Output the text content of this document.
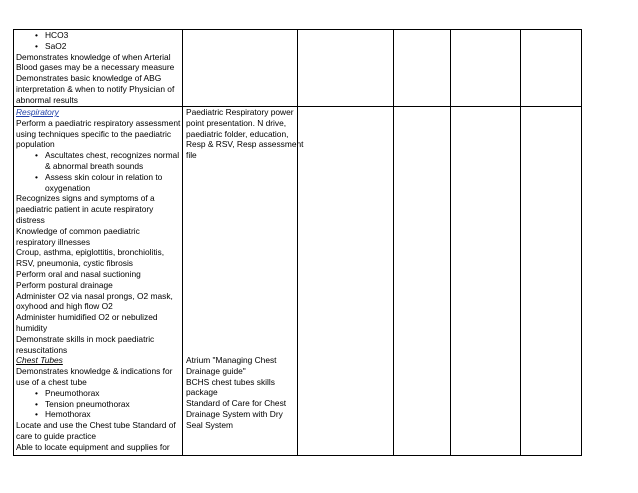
• HCO3
• SaO2
Demonstrates knowledge of when Arterial
Blood gases may be a necessary measure
Demonstrates basic knowledge of ABG
interpretation & when to notify Physician of
abnormal results
Respiratory
Perform a paediatric respiratory assessment
using techniques specific to the paediatric
population
• Ascultates chest, recognizes normal
& abnormal breath sounds
• Assess skin colour in relation to
oxygenation
Recognizes signs and symptoms of a
paediatric patient in acute respiratory
distress
Knowledge of common paediatric
respiratory illnesses
Croup, asthma, epiglottitis, bronchiolitis,
RSV, pneumonia, cystic fibrosis
Perform oral and nasal suctioning
Perform postural drainage
Administer O2 via nasal prongs, O2 mask,
oxyhood and high flow O2
Administer humidified O2 or nebulized
humidity
Demonstrate skills in mock paediatric
resuscitations
Chest Tubes
Demonstrates knowledge & indications for
use of a chest tube
• Pneumothorax
• Tension pneumothorax
• Hemothorax
Locate and use the Chest tube Standard of
care to guide practice
Able to locate equipment and supplies for
Paediatric Respiratory power
point presentation. N drive,
paediatric folder, education,
Resp & RSV, Resp assessment
file
Atrium "Managing Chest
Drainage guide"
BCHS chest tubes skills
package
Standard of Care for Chest
Drainage System with Dry
Seal System
